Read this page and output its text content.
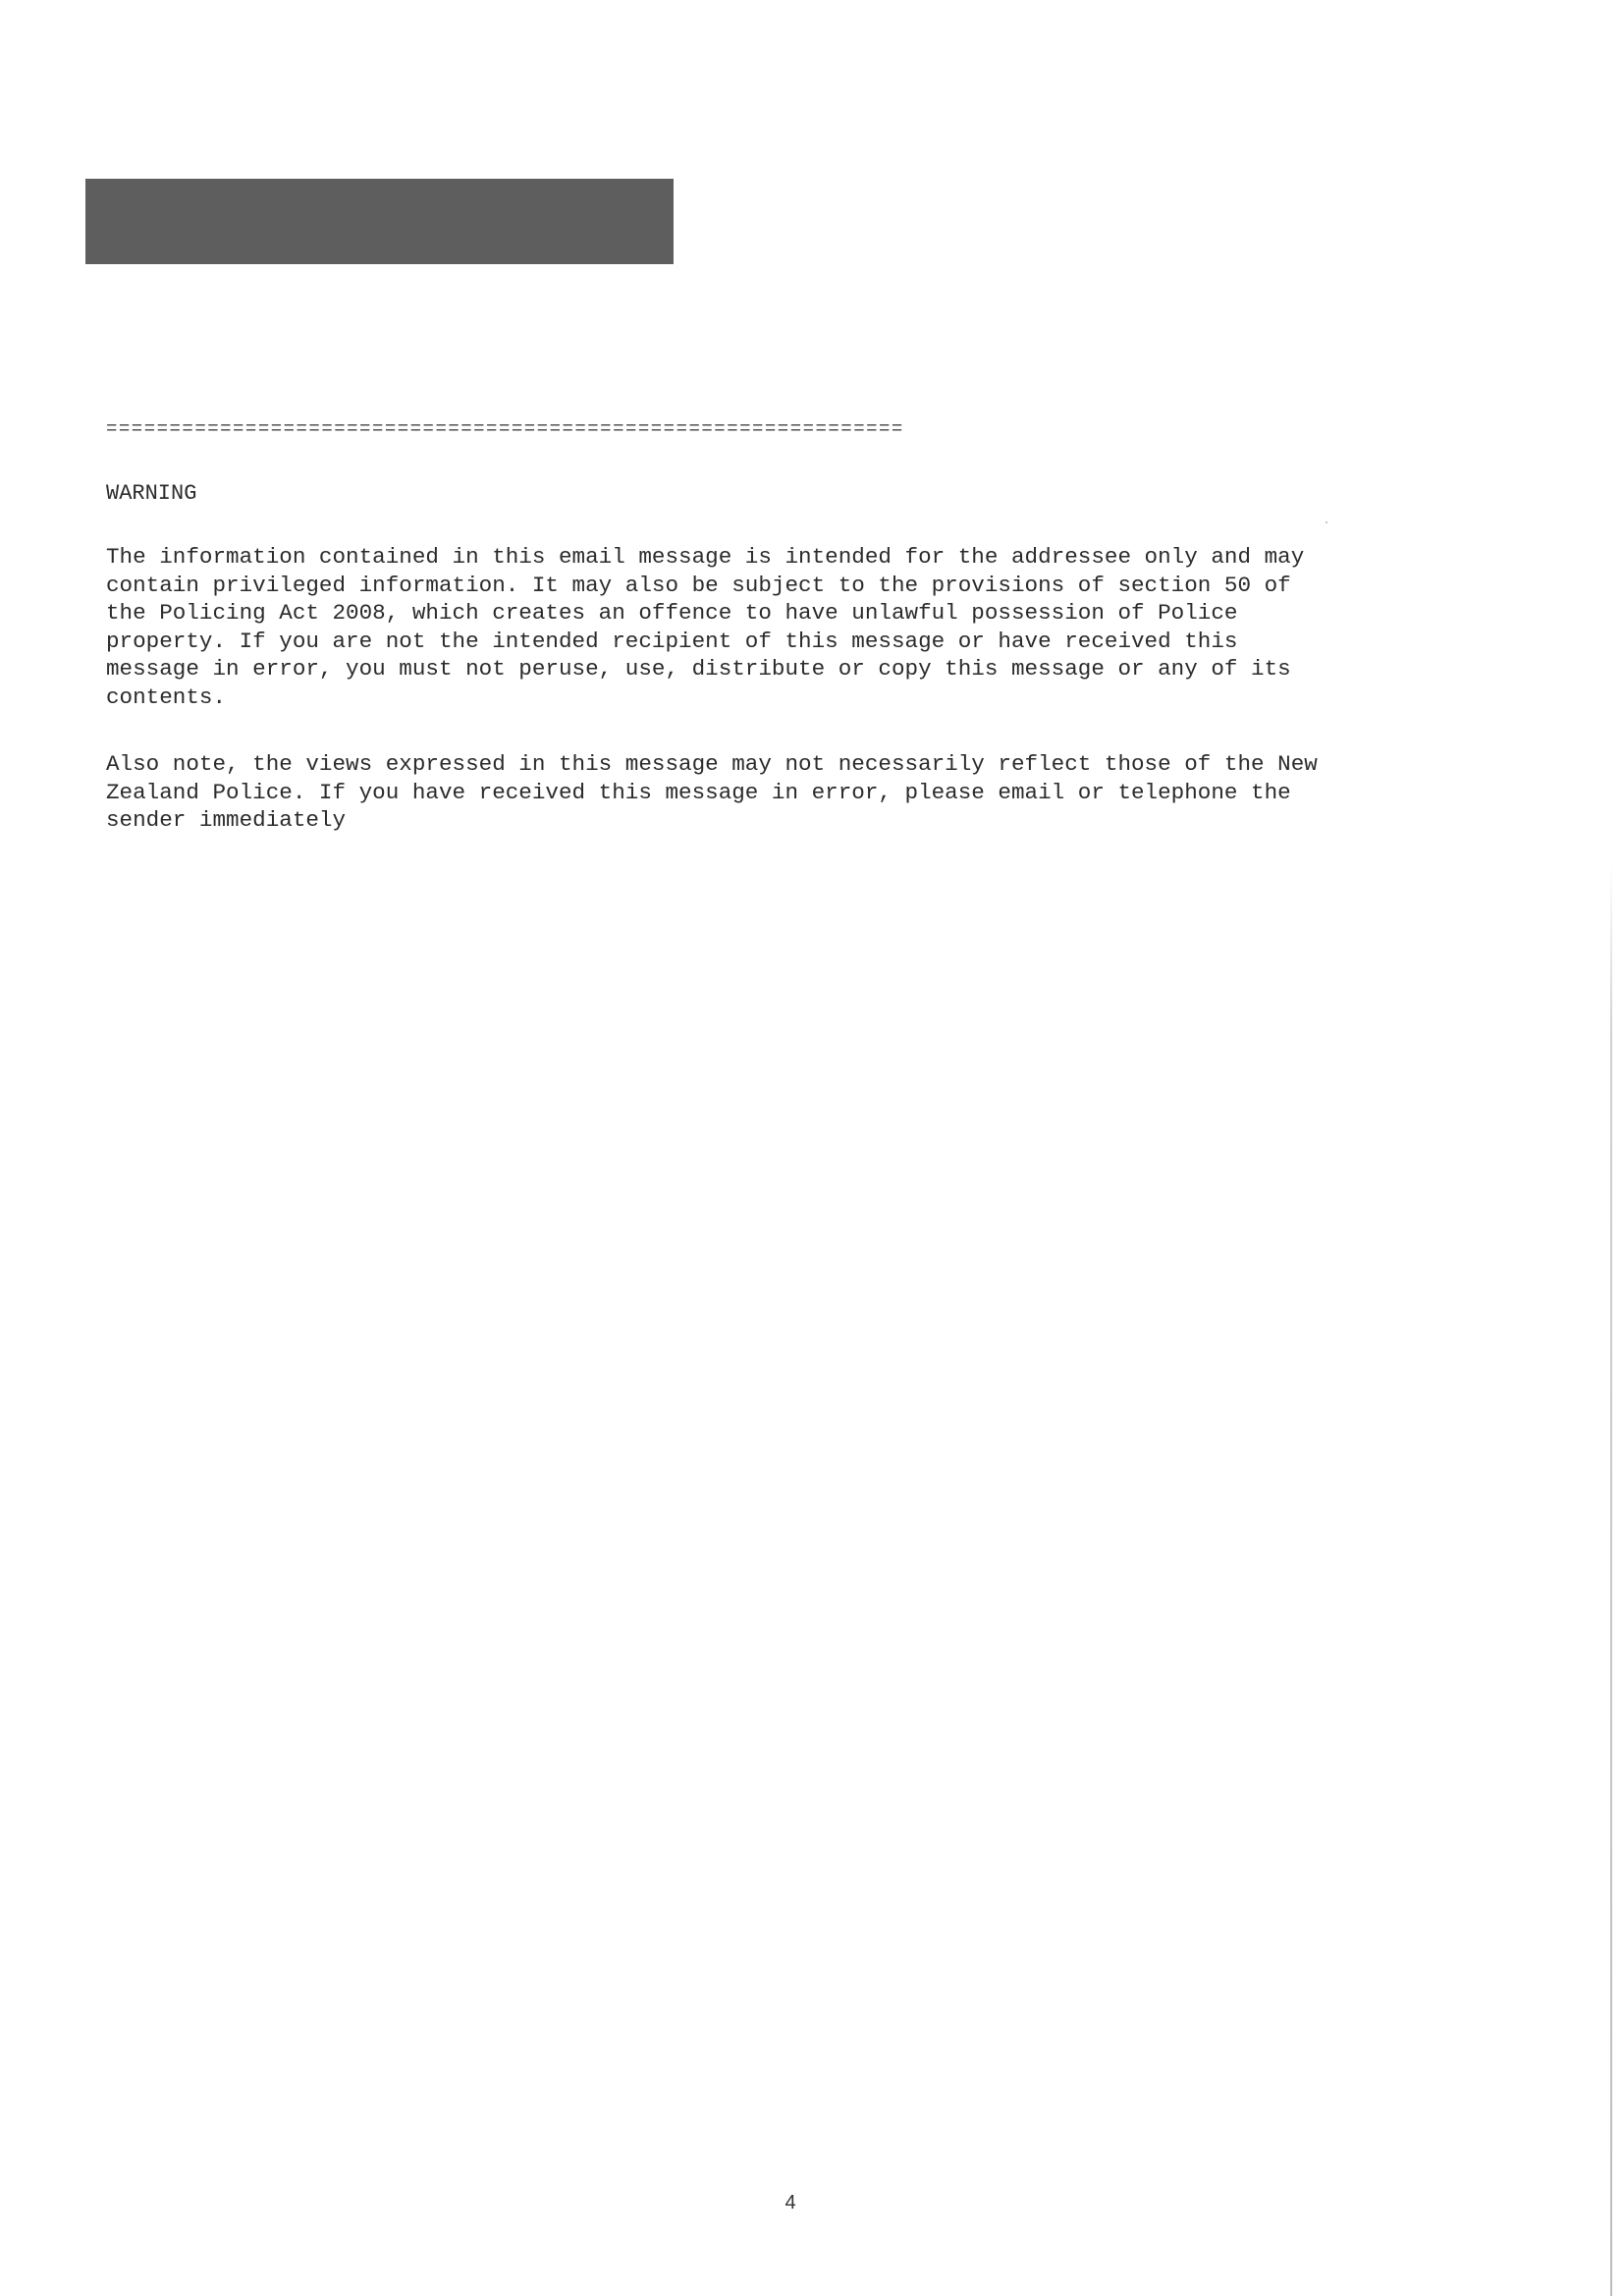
===============================================================
WARNING

The information contained in this email message is intended for the addressee only and may
contain privileged information. It may also be subject to the provisions of section 50 of
the Policing Act 2008, which creates an offence to have unlawful possession of Police
property. If you are not the intended recipient of this message or have received this
message in error, you must not peruse, use, distribute or copy this message or any of its
contents.

Also note, the views expressed in this message may not necessarily reflect those of the New
Zealand Police. If you have received this message in error, please email or telephone the
sender immediately

4
